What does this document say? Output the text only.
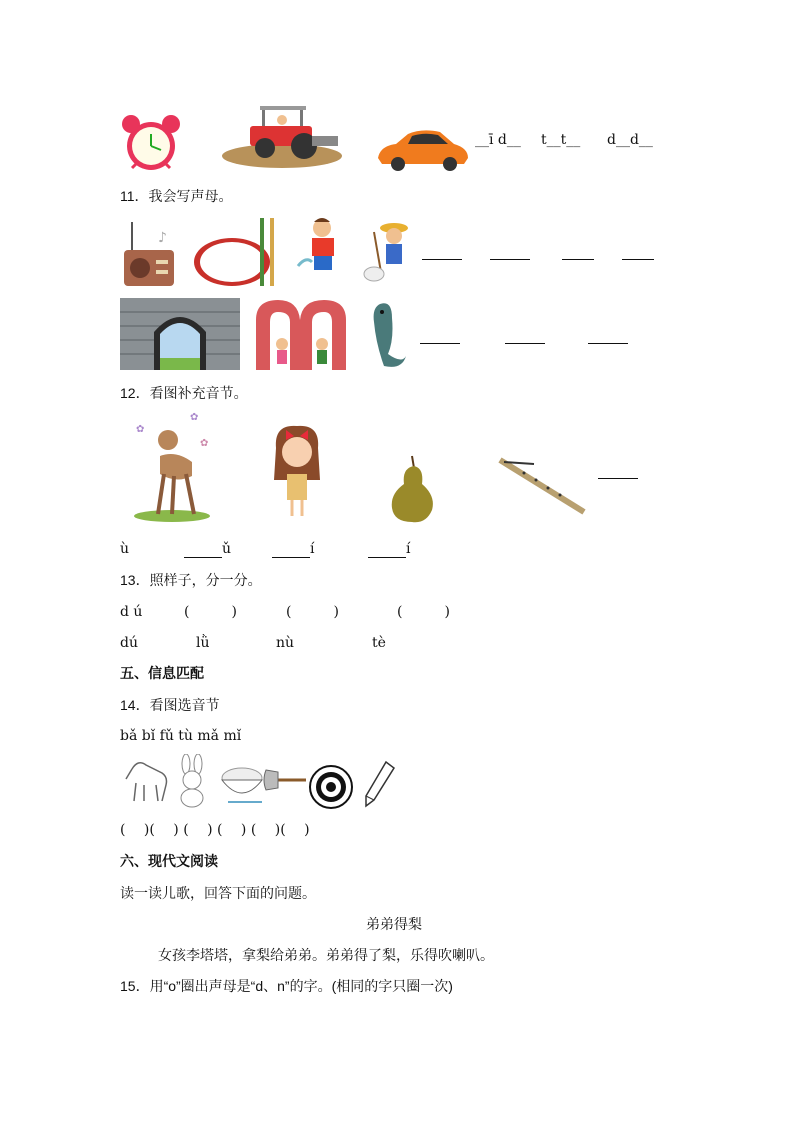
__ī d__ t__t__ d__d__
11．我会写声母。
♪
12．看图补充音节。
✿
✿
✿
ù	ǔ	í	í
13．照样子，分一分。
d ú	(　　　)	(　　　)	(　　　)
dú	lǜ	nù	tè
五、信息匹配
14．看图选音节
bǎ bǐ fǔ tù mǎ mǐ
(　 )(　 ) (　 ) (　 ) (　 )(　 )
六、现代文阅读
读一读儿歌，回答下面的问题。
弟弟得梨
女孩李塔塔，拿梨给弟弟。弟弟得了梨，乐得吹喇叭。
15．用“o”圈出声母是“d、n”的字。(相同的字只圈一次)
